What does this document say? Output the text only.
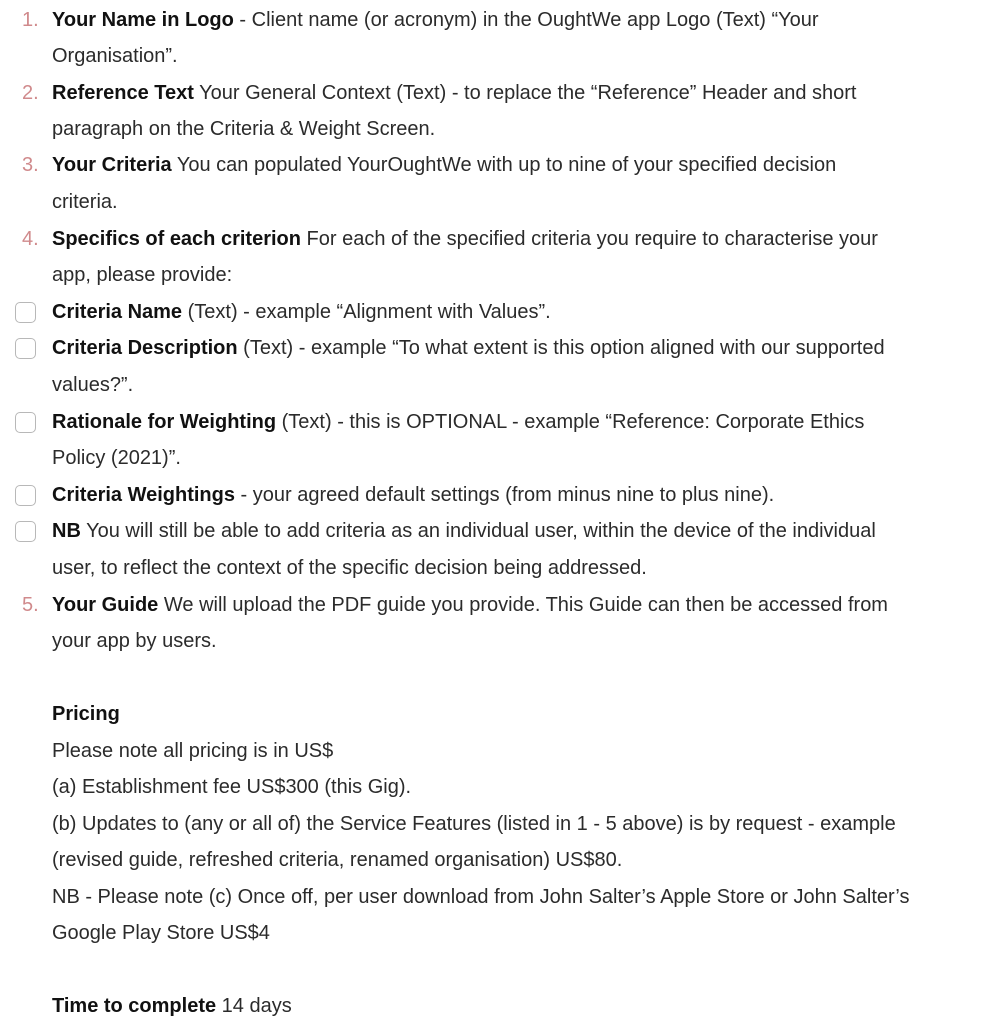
1. Your Name in Logo - Client name (or acronym) in the OughtWe app Logo (Text) “Your
Organisation”.
2. Reference Text Your General Context (Text) - to replace the “Reference” Header and short
paragraph on the Criteria & Weight Screen.
3. Your Criteria You can populated YourOughtWe with up to nine of your specified decision
criteria.
4. Specifics of each criterion For each of the specified criteria you require to characterise your
app, please provide:
Criteria Name (Text) - example “Alignment with Values”.
Criteria Description (Text) - example “To what extent is this option aligned with our supported
values?”.
Rationale for Weighting (Text) - this is OPTIONAL - example “Reference: Corporate Ethics
Policy (2021)”.
Criteria Weightings - your agreed default settings (from minus nine to plus nine).
NB You will still be able to add criteria as an individual user, within the device of the individual
user, to reflect the context of the specific decision being addressed.
5. Your Guide We will upload the PDF guide you provide. This Guide can then be accessed from
your app by users.
Pricing
Please note all pricing is in US$
(a) Establishment fee US$300 (this Gig).
(b) Updates to (any or all of) the Service Features (listed in 1 - 5 above) is by request - example
(revised guide, refreshed criteria, renamed organisation) US$80.
NB - Please note (c) Once off, per user download from John Salter’s Apple Store or John Salter’s
Google Play Store US$4
Time to complete 14 days
